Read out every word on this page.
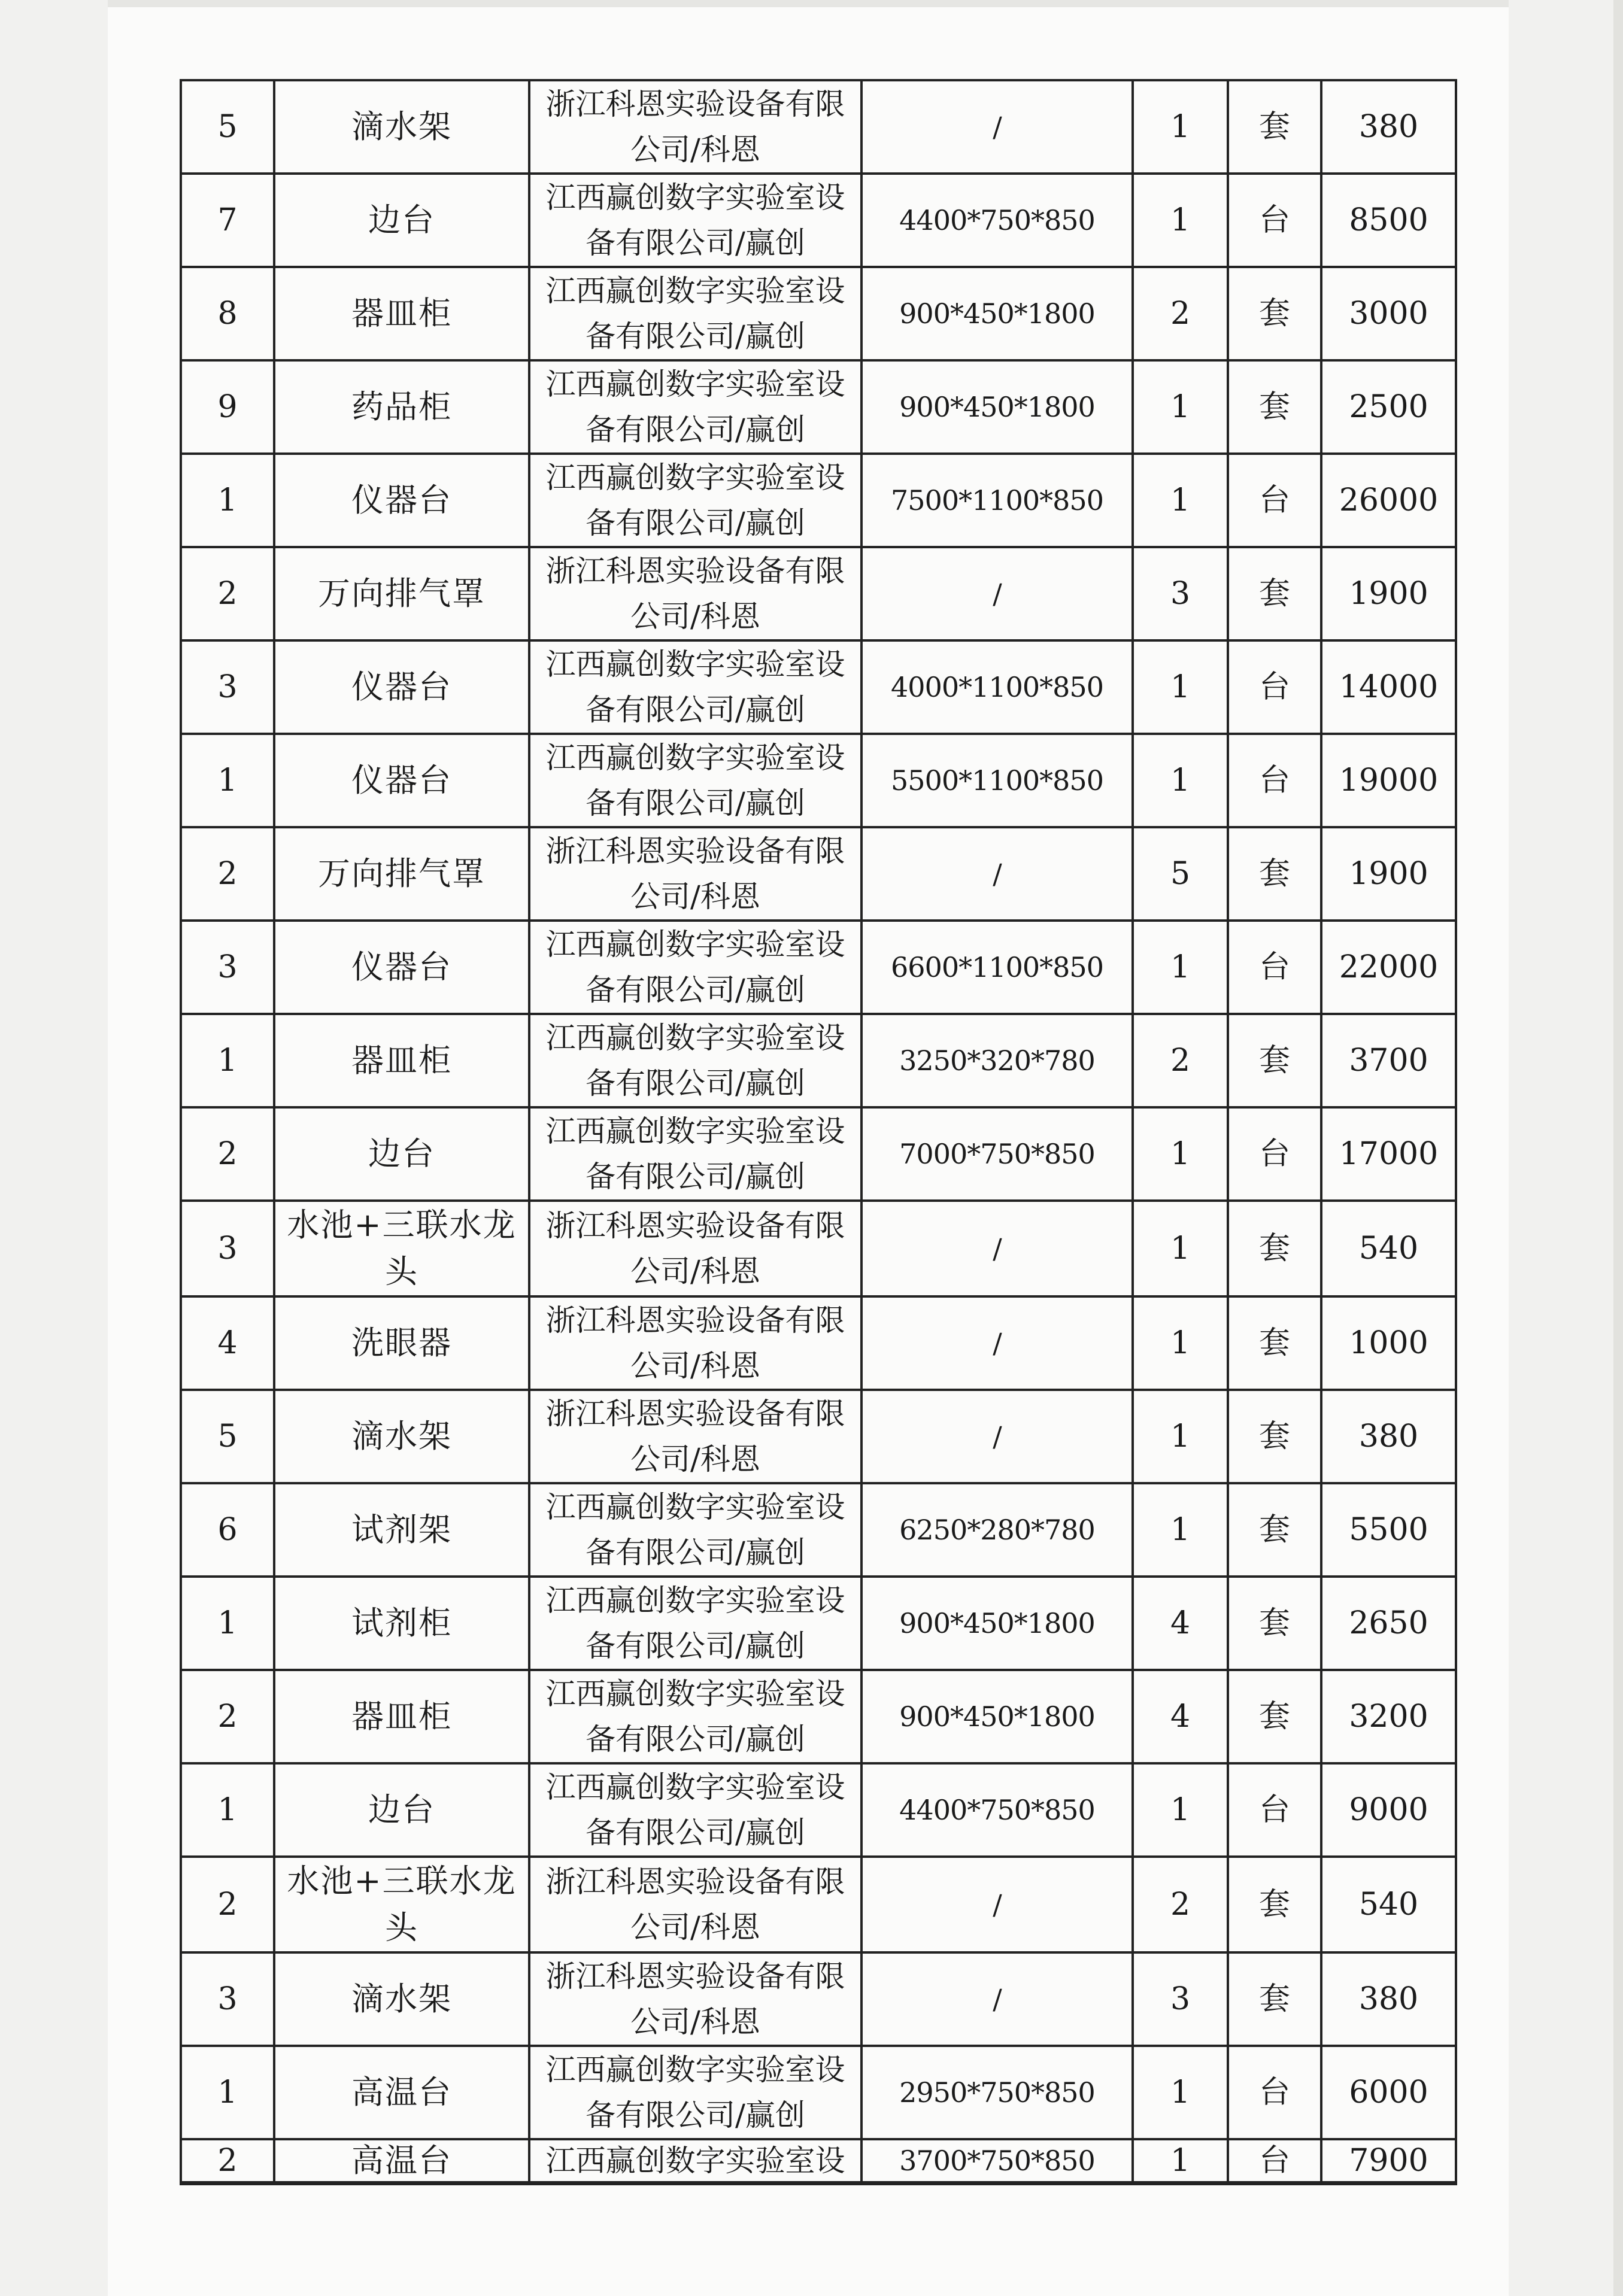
5	滴水架	浙江科恩实验设备有限公司/科恩	/	1	套	380
7	边台	江西赢创数字实验室设备有限公司/赢创	4400*750*850	1	台	8500
8	器皿柜	江西赢创数字实验室设备有限公司/赢创	900*450*1800	2	套	3000
9	药品柜	江西赢创数字实验室设备有限公司/赢创	900*450*1800	1	套	2500
1	仪器台	江西赢创数字实验室设备有限公司/赢创	7500*1100*850	1	台	26000
2	万向排气罩	浙江科恩实验设备有限公司/科恩	/	3	套	1900
3	仪器台	江西赢创数字实验室设备有限公司/赢创	4000*1100*850	1	台	14000
1	仪器台	江西赢创数字实验室设备有限公司/赢创	5500*1100*850	1	台	19000
2	万向排气罩	浙江科恩实验设备有限公司/科恩	/	5	套	1900
3	仪器台	江西赢创数字实验室设备有限公司/赢创	6600*1100*850	1	台	22000
1	器皿柜	江西赢创数字实验室设备有限公司/赢创	3250*320*780	2	套	3700
2	边台	江西赢创数字实验室设备有限公司/赢创	7000*750*850	1	台	17000
3	水池+三联水龙头	浙江科恩实验设备有限公司/科恩	/	1	套	540
4	洗眼器	浙江科恩实验设备有限公司/科恩	/	1	套	1000
5	滴水架	浙江科恩实验设备有限公司/科恩	/	1	套	380
6	试剂架	江西赢创数字实验室设备有限公司/赢创	6250*280*780	1	套	5500
1	试剂柜	江西赢创数字实验室设备有限公司/赢创	900*450*1800	4	套	2650
2	器皿柜	江西赢创数字实验室设备有限公司/赢创	900*450*1800	4	套	3200
1	边台	江西赢创数字实验室设备有限公司/赢创	4400*750*850	1	台	9000
2	水池+三联水龙头	浙江科恩实验设备有限公司/科恩	/	2	套	540
3	滴水架	浙江科恩实验设备有限公司/科恩	/	3	套	380
1	高温台	江西赢创数字实验室设备有限公司/赢创	2950*750*850	1	台	6000
2	高温台	江西赢创数字实验室设	3700*750*850	1	台	7900
